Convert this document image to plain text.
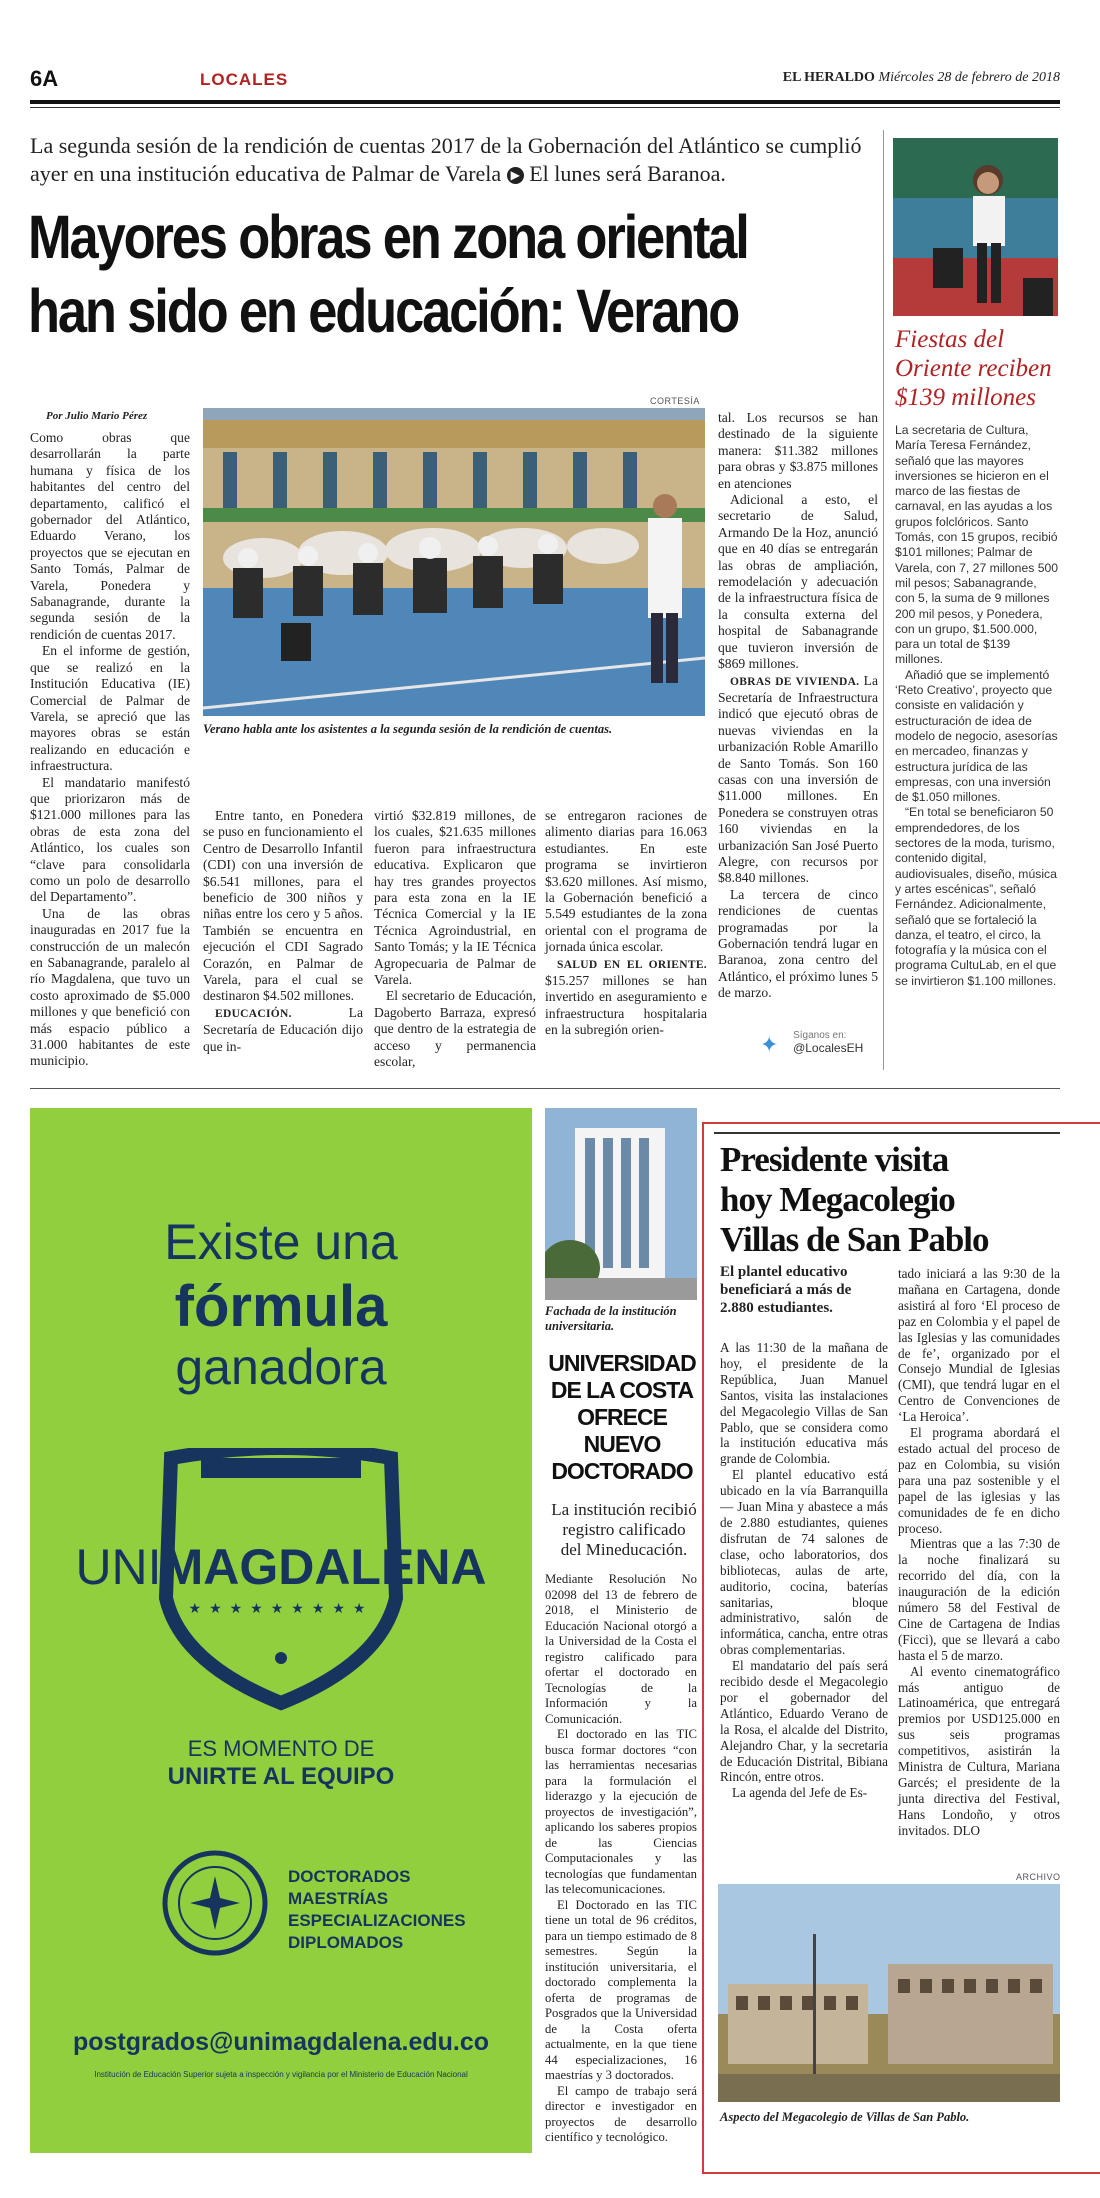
6A	LOCALES	EL HERALDO Miércoles 28 de febrero de 2018
La segunda sesión de la rendición de cuentas 2017 de la Gobernación del Atlántico se cumplió ayer en una institución educativa de Palmar de Varela ▶ El lunes será Baranoa.
Mayores obras en zona oriental
han sido en educación: Verano
Por Julio Mario Pérez
CORTESÍA
Verano habla ante los asistentes a la segunda sesión de la rendición de cuentas.

Como obras que desarrollarán la parte humana y física de los habitantes del centro del departamento, calificó el gobernador del Atlántico, Eduardo Verano, los proyectos que se ejecutan en Santo Tomás, Palmar de Varela, Ponedera y Sabanagrande, durante la segunda sesión de la rendición de cuentas 2017.

En el informe de gestión, que se realizó en la Institución Educativa (IE) Comercial de Palmar de Varela, se apreció que las mayores obras se están realizando en educación e infraestructura.

El mandatario manifestó que priorizaron más de $121.000 millones para las obras de esta zona del Atlántico, los cuales son “clave para consolidarla como un polo de desarrollo del Departamento”.

Una de las obras inauguradas en 2017 fue la construcción de un malecón en Sabanagrande, paralelo al río Magdalena, que tuvo un costo aproximado de $5.000 millones y que benefició con más espacio público a 31.000 habitantes de este municipio.

Entre tanto, en Ponedera se puso en funcionamiento el Centro de Desarrollo Infantil (CDI) con una inversión de $6.541 millones, para el beneficio de 300 niños y niñas entre los cero y 5 años. También se encuentra en ejecución el CDI Sagrado Corazón, en Palmar de Varela, para el cual se destinaron $4.502 millones.

EDUCACIÓN.	La Secretaría de Educación dijo que in-

virtió $32.819 millones, de los cuales, $21.635 millones fueron para infraestructura educativa. Explicaron que hay tres grandes proyectos para esta zona en la IE Técnica Comercial y la IE Técnica Agroindustrial, en Santo Tomás; y la IE Técnica Agropecuaria de Palmar de Varela.

El secretario de Educación, Dagoberto Barraza, expresó que dentro de la estrategia de acceso y permanencia escolar,

se entregaron raciones de alimento diarias para 16.063 estudiantes. En este programa se invirtieron $3.620 millones. Así mismo, la Gobernación benefició a 5.549 estudiantes de la zona oriental con el programa de jornada única escolar.

SALUD EN EL ORIENTE. $15.257 millones se han invertido en aseguramiento e infraestructura hospitalaria en la subregión orien-

tal. Los recursos se han destinado de la siguiente manera: $11.382 millones para obras y $3.875 millones en atenciones

Adicional a esto, el secretario de Salud, Armando De la Hoz, anunció que en 40 días se entregarán las obras de ampliación, remodelación y adecuación de la infraestructura física de la consulta externa del hospital de Sabanagrande que tuvieron inversión de $869 millones.

OBRAS DE VIVIENDA. La Secretaría de Infraestructura indicó que ejecutó obras de nuevas viviendas en la urbanización Roble Amarillo de Santo Tomás. Son 160 casas con una inversión de $11.000 millones. En Ponedera se construyen otras 160 viviendas en la urbanización San José Puerto Alegre, con recursos por $8.840 millones.

La tercera de cinco rendiciones de cuentas programadas por la Gobernación tendrá lugar en Baranoa, zona centro del Atlántico, el próximo lunes 5 de marzo.

✦ Síganos en:
@LocalesEH
Fiestas del Oriente reciben $139 millones

La secretaria de Cultura, María Teresa Fernández, señaló que las mayores inversiones se hicieron en el marco de las fiestas de carnaval, en las ayudas a los grupos folclóricos. Santo Tomás, con 15 grupos, recibió $101 millones; Palmar de Varela, con 7, 27 millones 500 mil pesos; Sabanagrande, con 5, la suma de 9 millones 200 mil pesos, y Ponedera, con un grupo, $1.500.000, para un total de $139 millones.

Añadió que se implementó ‘Reto Creativo’, proyecto que consiste en validación y estructuración de idea de modelo de negocio, asesorías en mercadeo, finanzas y estructura jurídica de las empresas, con una inversión de $1.050 millones.

“En total se beneficiaron 50 emprendedores, de los sectores de la moda, turismo, contenido digital, audiovisuales, diseño, música y artes escénicas”, señaló Fernández. Adicionalmente, señaló que se fortaleció la danza, el teatro, el circo, la fotografía y la música con el programa CultuLab, en el que se invirtieron $1.100 millones.

Existe una
fórmula
ganadora
UNIMAGDALENA
★★★★★★★★★
ES MOMENTO DE
UNIRTE AL EQUIPO
DOCTORADOS
MAESTRÍAS
ESPECIALIZACIONES
DIPLOMADOS
postgrados@unimagdalena.edu.co
Institución de Educación Superior sujeta a inspección y vigilancia por el Ministerio de Educación Nacional
Fachada de la institución universitaria.
UNIVERSIDAD DE LA COSTA OFRECE NUEVO DOCTORADO
La institución recibió registro calificado del Mineducación.

Mediante Resolución No 02098 del 13 de febrero de 2018, el Ministerio de Educación Nacional otorgó a la Universidad de la Costa el registro calificado para ofertar el doctorado en Tecnologías de la Información y la Comunicación.

El doctorado en las TIC busca formar doctores “con las herramientas necesarias para la formulación el liderazgo y la ejecución de proyectos de investigación”, aplicando los saberes propios de las Ciencias Computacionales y las tecnologías que fundamentan las telecomunicaciones.

El Doctorado en las TIC tiene un total de 96 créditos, para un tiempo estimado de 8 semestres. Según la institución universitaria, el doctorado complementa la oferta de programas de Posgrados que la Universidad de la Costa oferta actualmente, en la que tiene 44 especializaciones, 16 maestrías y 3 doctorados.

El campo de trabajo será director e investigador en proyectos de desarrollo científico y tecnológico.

Presidente visita
hoy Megacolegio
Villas de San Pablo
El plantel educativo beneficiará a más de 2.880 estudiantes.

A las 11:30 de la mañana de hoy, el presidente de la República, Juan Manuel Santos, visita las instalaciones del Megacolegio Villas de San Pablo, que se considera como la institución educativa más grande de Colombia.

El plantel educativo está ubicado en la vía Barranquilla — Juan Mina y abastece a más de 2.880 estudiantes, quienes disfrutan de 74 salones de clase, ocho laboratorios, dos bibliotecas, aulas de arte, auditorio, cocina, baterías sanitarias, bloque administrativo, salón de informática, cancha, entre otras obras complementarias.

El mandatario del país será recibido desde el Megacolegio por el gobernador del Atlántico, Eduardo Verano de la Rosa, el alcalde del Distrito, Alejandro Char, y la secretaria de Educación Distrital, Bibiana Rincón, entre otros.

La agenda del Jefe de Es-

tado iniciará a las 9:30 de la mañana en Cartagena, donde asistirá al foro ‘El proceso de paz en Colombia y el papel de las Iglesias y las comunidades de fe’, organizado por el Consejo Mundial de Iglesias (CMI), que tendrá lugar en el Centro de Convenciones de ‘La Heroica’.

El programa abordará el estado actual del proceso de paz en Colombia, su visión para una paz sostenible y el papel de las iglesias y las comunidades de fe en dicho proceso.

Mientras que a las 7:30 de la noche finalizará su recorrido del día, con la inauguración de la edición número 58 del Festival de Cine de Cartagena de Indias (Ficci), que se llevará a cabo hasta el 5 de marzo.

Al evento cinematográfico más antiguo de Latinoamérica, que entregará premios por USD125.000 en sus seis programas competitivos, asistirán la Ministra de Cultura, Mariana Garcés; el presidente de la junta directiva del Festival, Hans Londoño, y otros invitados. DLO

ARCHIVO
Aspecto del Megacolegio de Villas de San Pablo.
